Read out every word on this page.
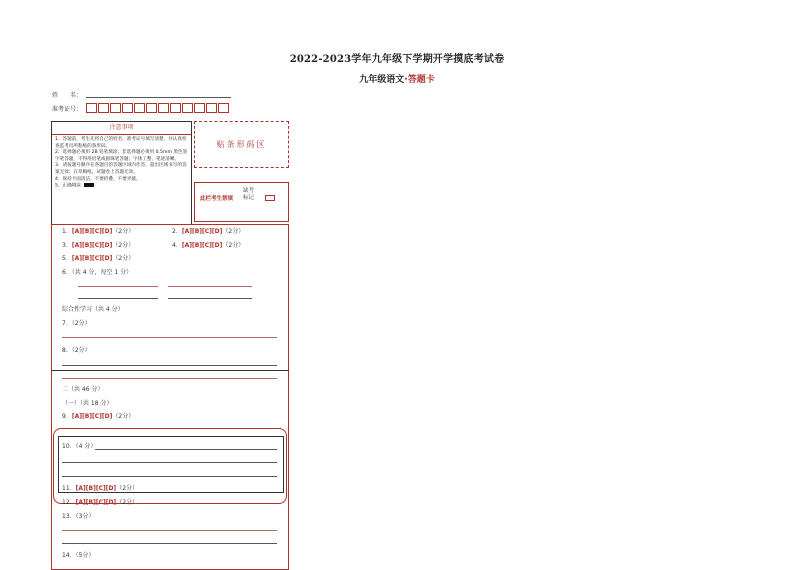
2022-2023学年九年级下学期开学摸底考试卷
九年级语文·答题卡
姓　　名：
准考证号：
注意事项
1．答题前，考生先将自己的姓名，准考证号填写清楚，并认真检查监考员所粘贴的条形码。
2．选择题必须用 2B 铅笔填涂；非选择题必须用 0.5mm 黑色签字笔答题，不得用铅笔或圆珠笔答题；字体工整、笔迹清晰。
3．请按题号顺序在各题目的答题区域内作答，超出区域书写的答案无效；在草稿纸、试题卷上答题无效。
4．保持卡面清洁，不要折叠、不要弄破。
5．正确填涂
贴条形码区
缺考
标记
此栏考生禁填
1．[A][B][C][D]（2分）	2．[A][B][C][D]（2分）
3．[A][B][C][D]（2分）	4．[A][B][C][D]（2分）
5．[A][B][C][D]（2分）
6．（共 4 分，每空 1 分）
综合性学习（共 4 分）
7．（2分）
8．（2分）
二（共 46 分）
（一）（共 18 分）
9．[A][B][C][D]（2分）
10．（4 分）
11．[A][B][C][D]（2分）
12．[A][B][C][D]（2分）
13．（3分）
14．（5分）
